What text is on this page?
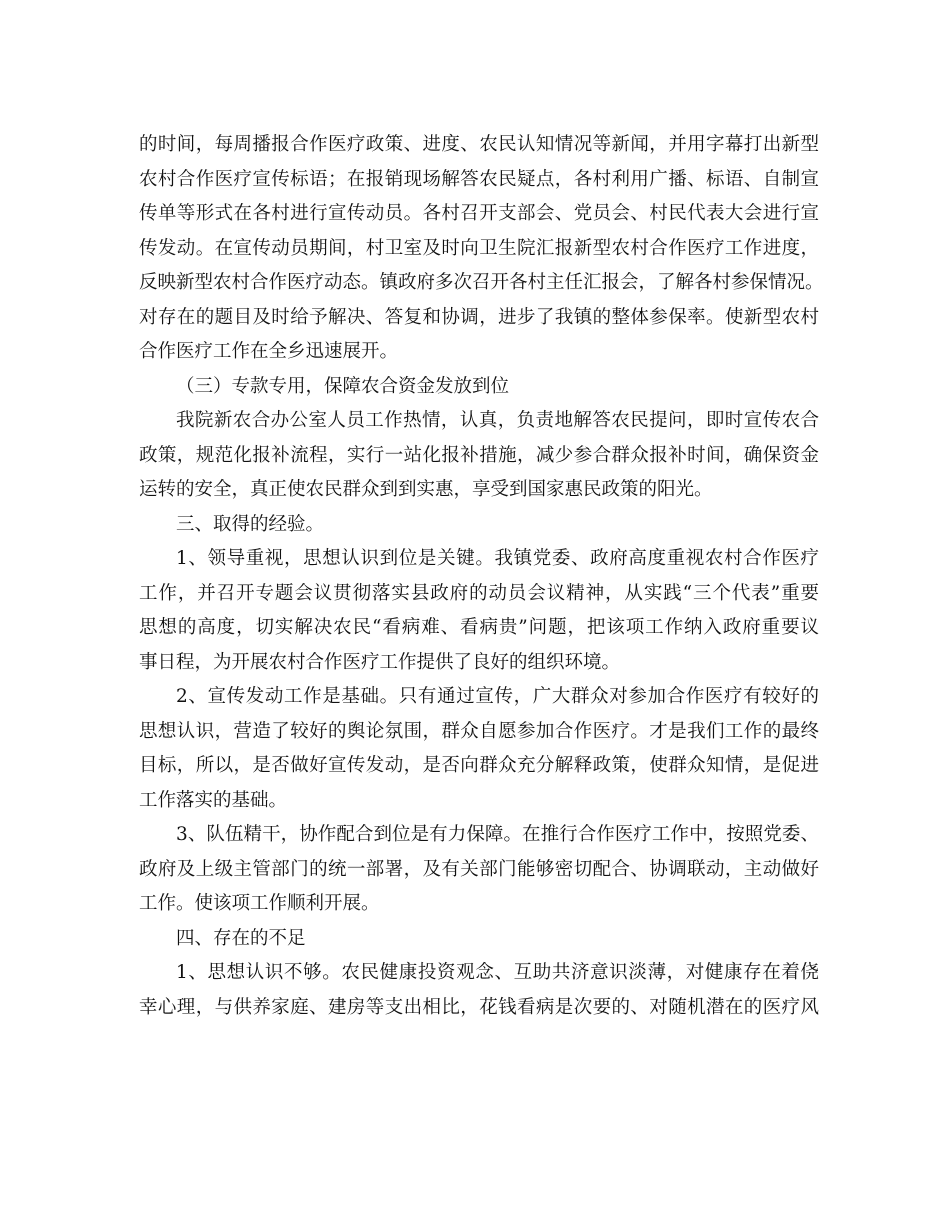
的时间，每周播报合作医疗政策、进度、农民认知情况等新闻，并用字幕打出新型
农村合作医疗宣传标语；在报销现场解答农民疑点，各村利用广播、标语、自制宣
传单等形式在各村进行宣传动员。各村召开支部会、党员会、村民代表大会进行宣
传发动。在宣传动员期间，村卫室及时向卫生院汇报新型农村合作医疗工作进度，
反映新型农村合作医疗动态。镇政府多次召开各村主任汇报会，了解各村参保情况。
对存在的题目及时给予解决、答复和协调，进步了我镇的整体参保率。使新型农村
合作医疗工作在全乡迅速展开。
（三）专款专用，保障农合资金发放到位
我院新农合办公室人员工作热情，认真，负责地解答农民提问，即时宣传农合
政策，规范化报补流程，实行一站化报补措施，减少参合群众报补时间，确保资金
运转的安全，真正使农民群众到到实惠，享受到国家惠民政策的阳光。
三、取得的经验。
1、领导重视，思想认识到位是关键。我镇党委、政府高度重视农村合作医疗
工作，并召开专题会议贯彻落实县政府的动员会议精神，从实践“三个代表”重要
思想的高度，切实解决农民“看病难、看病贵”问题，把该项工作纳入政府重要议
事日程，为开展农村合作医疗工作提供了良好的组织环境。
2、宣传发动工作是基础。只有通过宣传，广大群众对参加合作医疗有较好的
思想认识，营造了较好的舆论氛围，群众自愿参加合作医疗。才是我们工作的最终
目标，所以，是否做好宣传发动，是否向群众充分解释政策，使群众知情，是促进
工作落实的基础。
3、队伍精干，协作配合到位是有力保障。在推行合作医疗工作中，按照党委、
政府及上级主管部门的统一部署，及有关部门能够密切配合、协调联动，主动做好
工作。使该项工作顺利开展。
四、存在的不足
1、思想认识不够。农民健康投资观念、互助共济意识淡薄，对健康存在着侥
幸心理，与供养家庭、建房等支出相比，花钱看病是次要的、对随机潜在的医疗风
